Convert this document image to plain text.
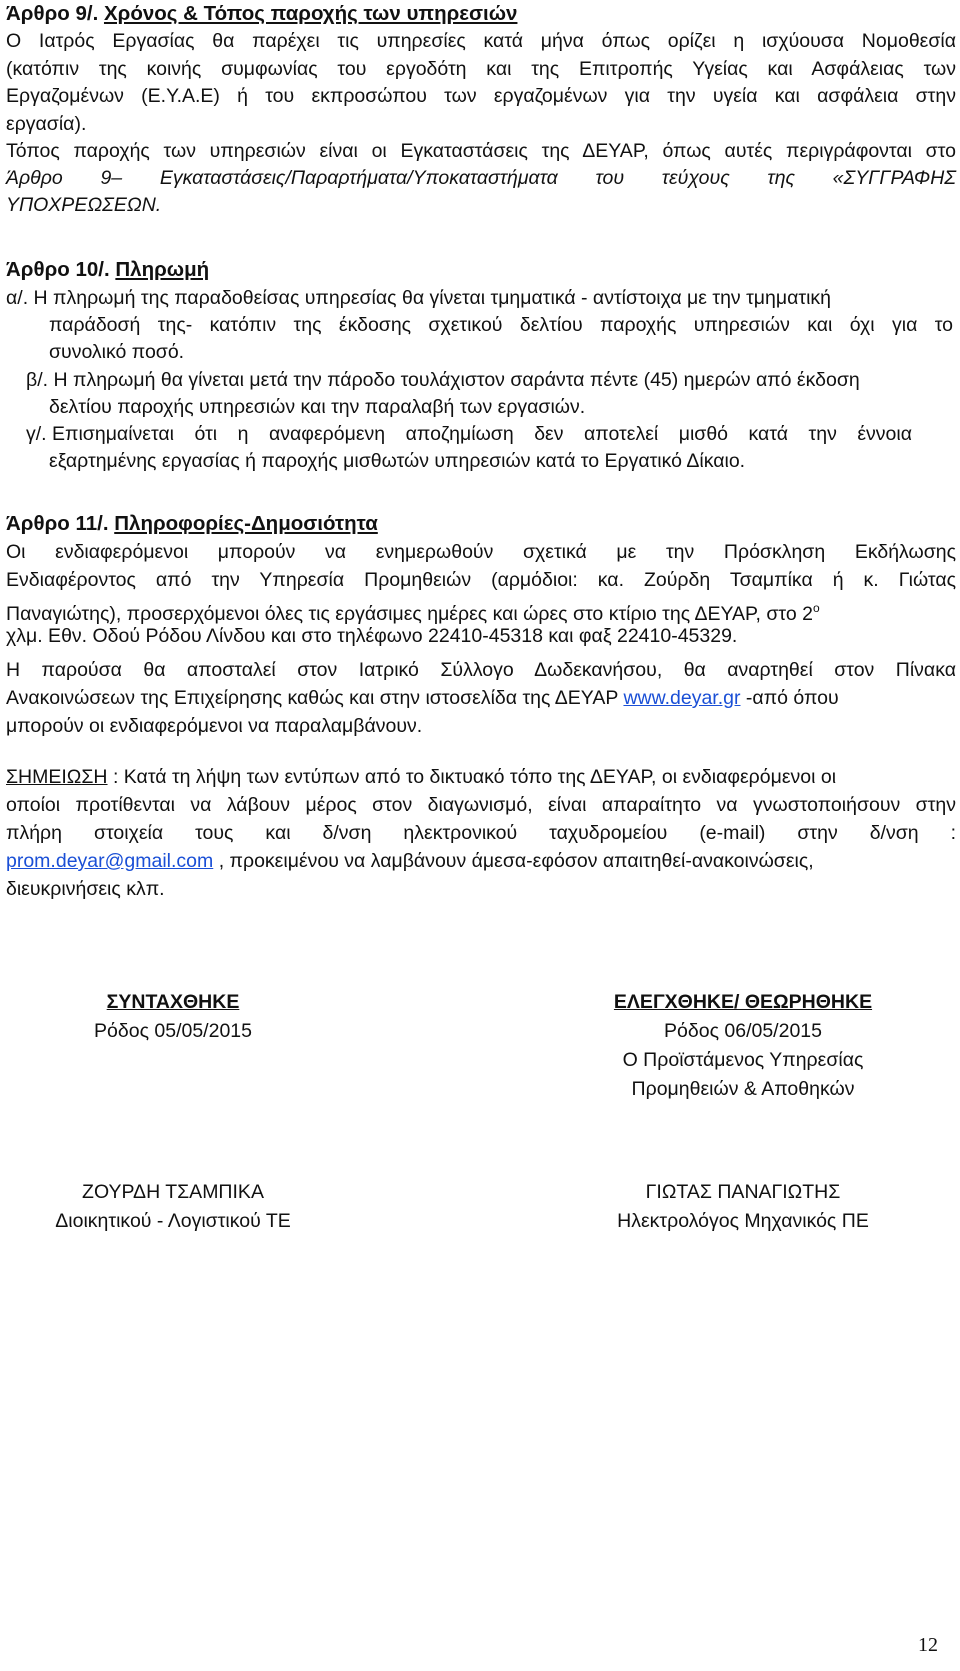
Άρθρο 9/. Χρόνος & Τόπος παροχής των υπηρεσιών
Ο Ιατρός Εργασίας θα παρέχει τις υπηρεσίες κατά μήνα όπως ορίζει η ισχύουσα Νομοθεσία
(κατόπιν της κοινής συμφωνίας του εργοδότη και της Επιτροπής Υγείας και Ασφάλειας των
Εργαζομένων (Ε.Υ.Α.Ε) ή του εκπροσώπου των εργαζομένων για την υγεία και ασφάλεια στην
εργασία).
Τόπος παροχής των υπηρεσιών είναι οι Εγκαταστάσεις της ΔΕΥΑΡ, όπως αυτές περιγράφονται στο
Άρθρο 9– Εγκαταστάσεις/Παραρτήματα/Υποκαταστήματα του τεύχους της «ΣΥΓΓΡΑΦΗΣ
ΥΠΟΧΡΕΩΣΕΩΝ.
Άρθρο 10/. Πληρωμή
α/. Η πληρωμή της παραδοθείσας υπηρεσίας θα γίνεται τμηματικά - αντίστοιχα με την τμηματική
παράδοσή της- κατόπιν της έκδοσης σχετικού δελτίου παροχής υπηρεσιών και όχι για το
συνολικό ποσό.
β/. Η πληρωμή θα γίνεται μετά την πάροδο τουλάχιστον σαράντα πέντε (45) ημερών από έκδοση
δελτίου παροχής υπηρεσιών και την παραλαβή των εργασιών.
γ/. Επισημαίνεται ότι η αναφερόμενη αποζημίωση δεν αποτελεί μισθό κατά την έννοια
εξαρτημένης εργασίας ή παροχής μισθωτών υπηρεσιών κατά το Εργατικό Δίκαιο.
Άρθρο 11/. Πληροφορίες-Δημοσιότητα
Οι ενδιαφερόμενοι μπορούν να ενημερωθούν σχετικά με την Πρόσκληση Εκδήλωσης
Ενδιαφέροντος από την Υπηρεσία Προμηθειών (αρμόδιοι: κα. Ζούρδη Τσαμπίκα ή κ. Γιώτας
Παναγιώτης), προσερχόμενοι όλες τις εργάσιμες ημέρες και ώρες στο κτίριο της ΔΕΥΑΡ, στο $2^o$
χλμ. Εθν. Οδού Ρόδου Λίνδου και στο τηλέφωνο 22410-45318 και φαξ 22410-45329.
Η παρούσα θα αποσταλεί στον Ιατρικό Σύλλογο Δωδεκανήσου, θα αναρτηθεί στον Πίνακα
Ανακοινώσεων της Επιχείρησης καθώς και στην ιστοσελίδα της ΔΕΥΑΡ www.deyar.gr -από όπου
μπορούν οι ενδιαφερόμενοι να παραλαμβάνουν.
ΣΗΜΕΙΩΣΗ : Κατά τη λήψη των εντύπων από το δικτυακό τόπο της ΔΕΥΑΡ, οι ενδιαφερόμενοι οι
οποίοι προτίθενται να λάβουν μέρος στον διαγωνισμό, είναι απαραίτητο να γνωστοποιήσουν στην
πλήρη στοιχεία τους και δ/νση ηλεκτρονικού ταχυδρομείου (e-mail) στην δ/νση :
prom.deyar@gmail.com , προκειμένου να λαμβάνουν άμεσα-εφόσον απαιτηθεί-ανακοινώσεις,
διευκρινήσεις κλπ.
ΣΥΝΤΑΧΘΗΚΕ
Ρόδος 05/05/2015
ΖΟΥΡΔΗ ΤΣΑΜΠΙΚΑ
Διοικητικού - Λογιστικού ΤΕ
ΕΛΕΓΧΘΗΚΕ/ ΘΕΩΡΗΘΗΚΕ
Ρόδος 06/05/2015
Ο Προϊστάμενος Υπηρεσίας
Προμηθειών & Αποθηκών
ΓΙΩΤΑΣ ΠΑΝΑΓΙΩΤΗΣ
Ηλεκτρολόγος Μηχανικός ΠΕ
12
